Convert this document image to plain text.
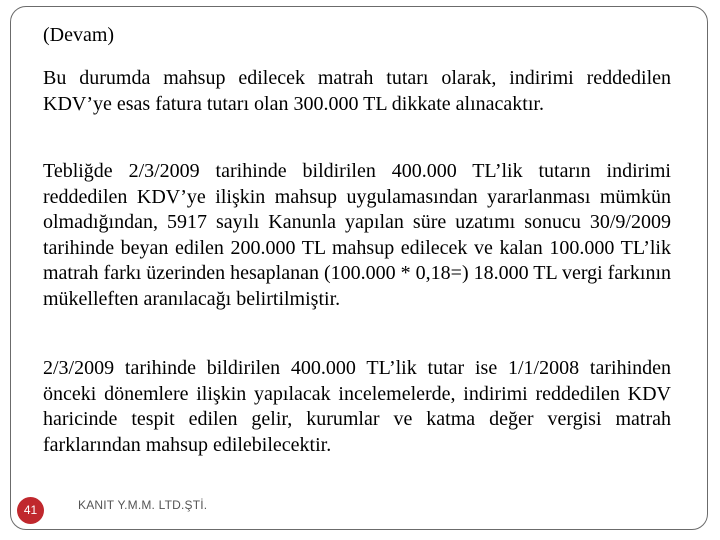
(Devam)

Bu durumda mahsup edilecek matrah tutarı olarak, indirimi reddedilen KDV’ye esas fatura tutarı olan 300.000 TL dikkate alınacaktır.

Tebliğde 2/3/2009 tarihinde bildirilen 400.000 TL’lik tutarın indirimi reddedilen KDV’ye ilişkin mahsup uygulamasından yararlanması mümkün olmadığından, 5917 sayılı Kanunla yapılan süre uzatımı sonucu 30/9/2009 tarihinde beyan edilen 200.000 TL mahsup edilecek ve kalan 100.000 TL’lik matrah farkı üzerinden hesaplanan (100.000 * 0,18=) 18.000 TL vergi farkının mükelleften aranılacağı belirtilmiştir.

2/3/2009 tarihinde bildirilen 400.000 TL’lik tutar ise 1/1/2008 tarihinden önceki dönemlere ilişkin yapılacak incelemelerde, indirimi reddedilen KDV haricinde tespit edilen gelir, kurumlar ve katma değer vergisi matrah farklarından mahsup edilebilecektir.

41	KANIT Y.M.M. LTD.ŞTİ.
